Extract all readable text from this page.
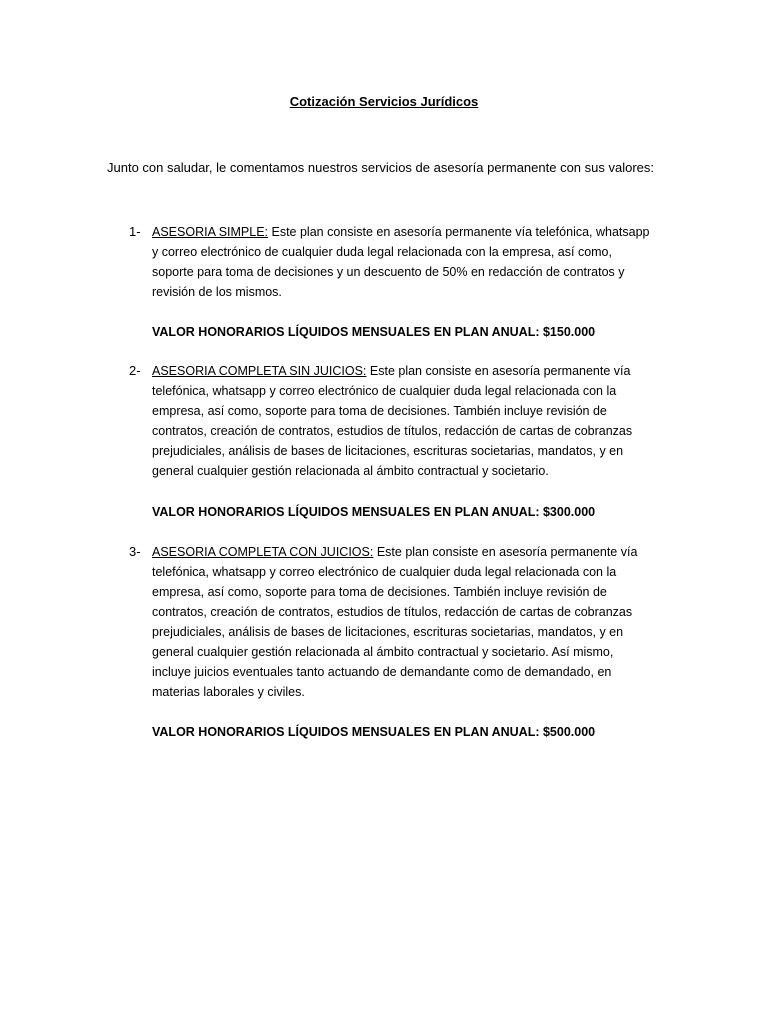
Cotización Servicios Jurídicos
Junto con saludar, le comentamos nuestros servicios de asesoría permanente con sus valores:
1- ASESORIA SIMPLE: Este plan consiste en asesoría permanente vía telefónica, whatsapp y correo electrónico de cualquier duda legal relacionada con la empresa, así como, soporte para toma de decisiones y un descuento de 50% en redacción de contratos y revisión de los mismos.
VALOR HONORARIOS LÍQUIDOS MENSUALES EN PLAN ANUAL: $150.000
2- ASESORIA COMPLETA SIN JUICIOS: Este plan consiste en asesoría permanente vía telefónica, whatsapp y correo electrónico de cualquier duda legal relacionada con la empresa, así como, soporte para toma de decisiones. También incluye revisión de contratos, creación de contratos, estudios de títulos, redacción de cartas de cobranzas prejudiciales, análisis de bases de licitaciones, escrituras societarias, mandatos, y en general cualquier gestión relacionada al ámbito contractual y societario.
VALOR HONORARIOS LÍQUIDOS MENSUALES EN PLAN ANUAL: $300.000
3- ASESORIA COMPLETA CON JUICIOS: Este plan consiste en asesoría permanente vía telefónica, whatsapp y correo electrónico de cualquier duda legal relacionada con la empresa, así como, soporte para toma de decisiones. También incluye revisión de contratos, creación de contratos, estudios de títulos, redacción de cartas de cobranzas prejudiciales, análisis de bases de licitaciones, escrituras societarias, mandatos, y en general cualquier gestión relacionada al ámbito contractual y societario. Así mismo, incluye juicios eventuales tanto actuando de demandante como de demandado, en materias laborales y civiles.
VALOR HONORARIOS LÍQUIDOS MENSUALES EN PLAN ANUAL: $500.000
